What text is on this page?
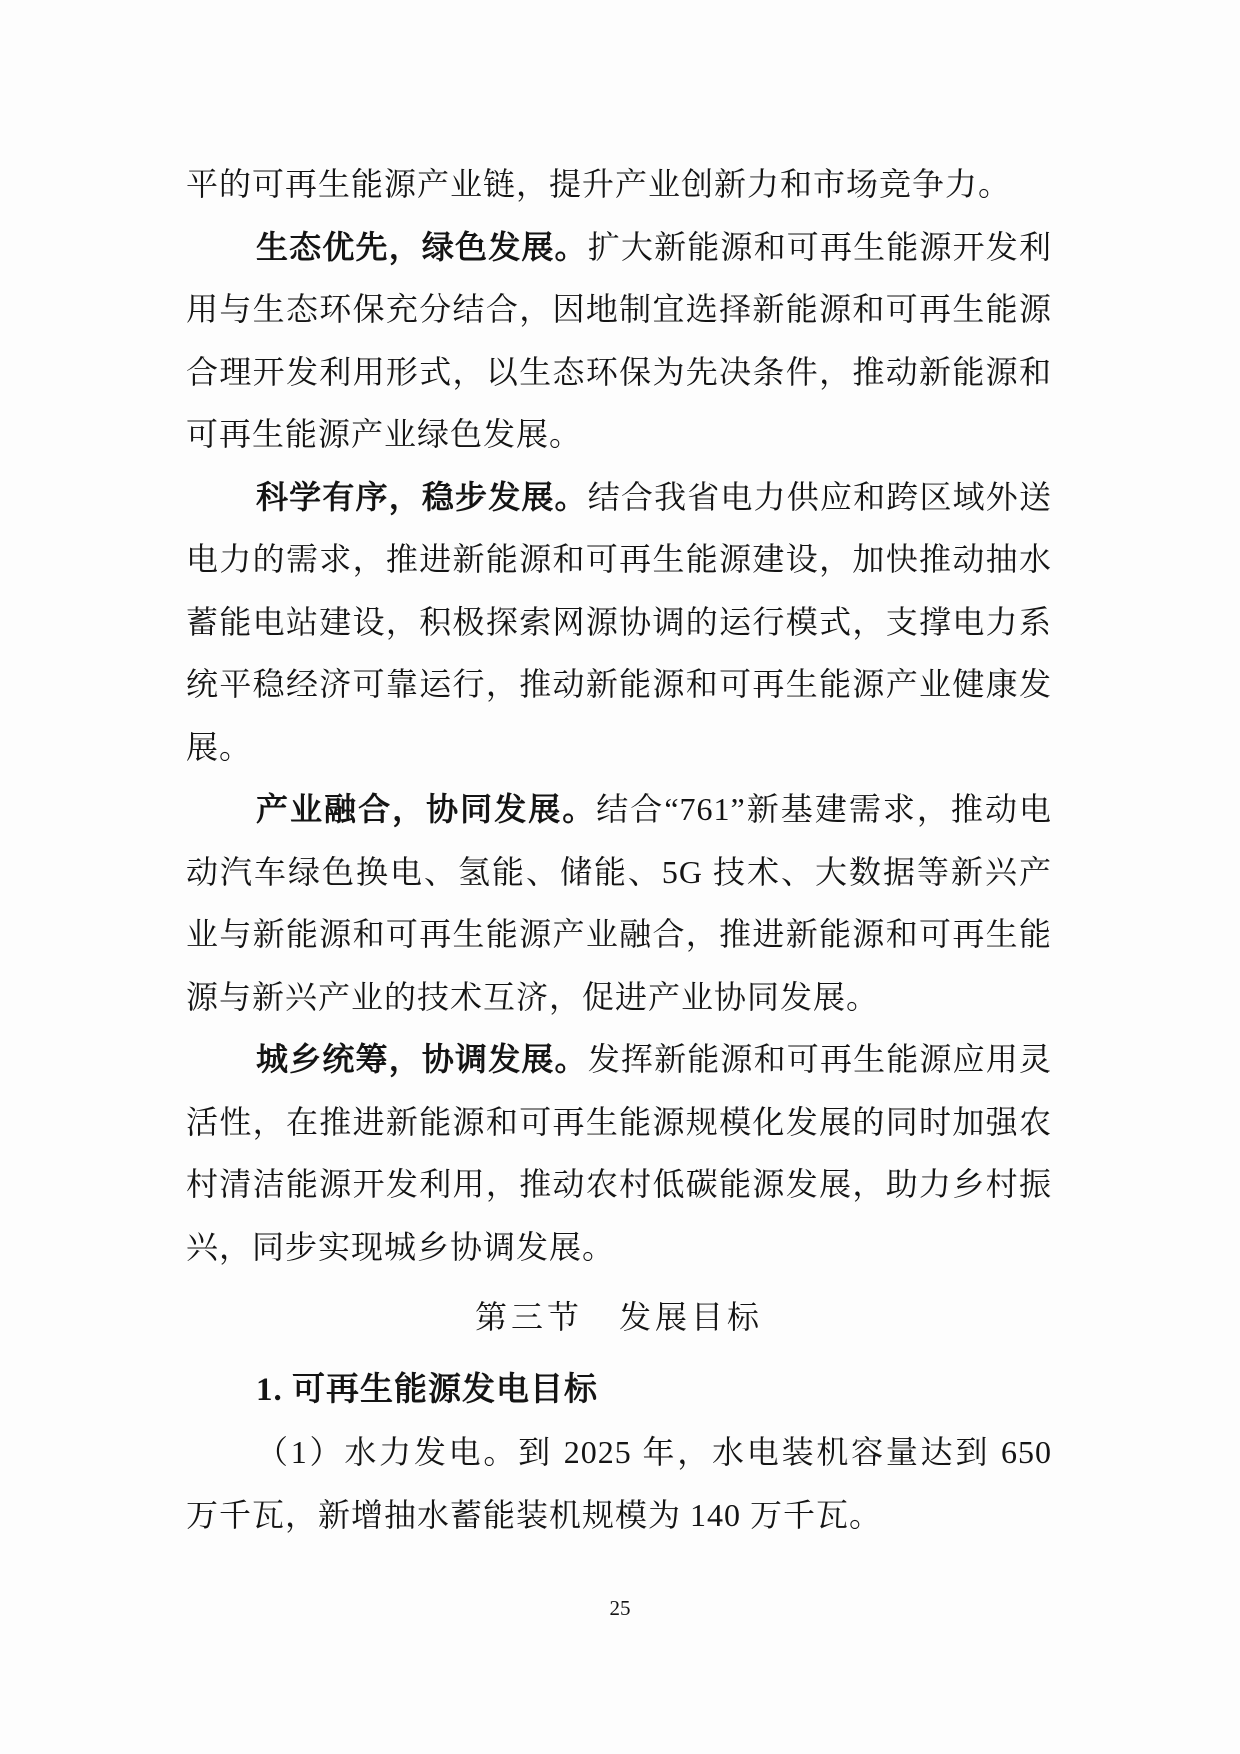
平的可再生能源产业链，提升产业创新力和市场竞争力。

生态优先，绿色发展。扩大新能源和可再生能源开发利用与生态环保充分结合，因地制宜选择新能源和可再生能源合理开发利用形式，以生态环保为先决条件，推动新能源和可再生能源产业绿色发展。

科学有序，稳步发展。结合我省电力供应和跨区域外送电力的需求，推进新能源和可再生能源建设，加快推动抽水蓄能电站建设，积极探索网源协调的运行模式，支撑电力系统平稳经济可靠运行，推动新能源和可再生能源产业健康发展。

产业融合，协同发展。结合“761”新基建需求，推动电动汽车绿色换电、氢能、储能、5G 技术、大数据等新兴产业与新能源和可再生能源产业融合，推进新能源和可再生能源与新兴产业的技术互济，促进产业协同发展。

城乡统筹，协调发展。发挥新能源和可再生能源应用灵活性，在推进新能源和可再生能源规模化发展的同时加强农村清洁能源开发利用，推动农村低碳能源发展，助力乡村振兴，同步实现城乡协调发展。

第三节　发展目标
1. 可再生能源发电目标

（1）水力发电。到 2025 年，水电装机容量达到 650 万千瓦，新增抽水蓄能装机规模为 140 万千瓦。

25
